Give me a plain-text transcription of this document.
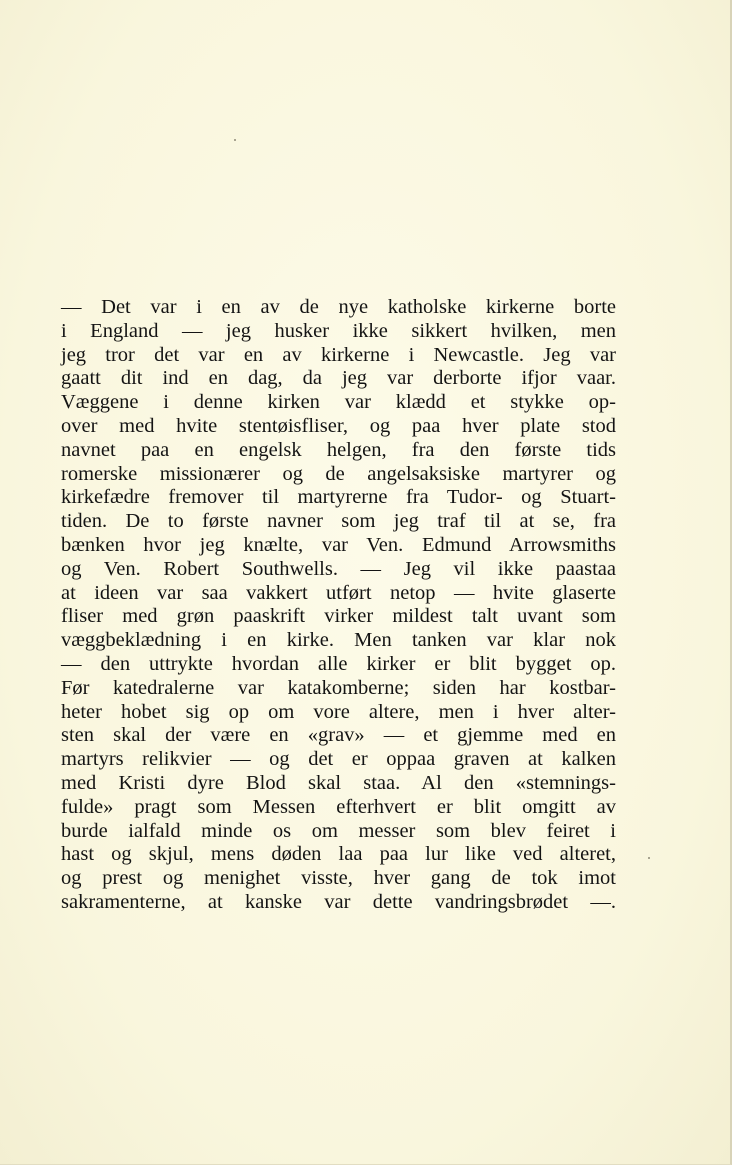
— Det var i en av de nye katholske kirkerne borte
i England — jeg husker ikke sikkert hvilken, men
jeg tror det var en av kirkerne i Newcastle. Jeg var
gaatt dit ind en dag, da jeg var derborte ifjor vaar.
Væggene i denne kirken var klædd et stykke op-
over med hvite stentøisfliser, og paa hver plate stod
navnet paa en engelsk helgen, fra den første tids
romerske missionærer og de angelsaksiske martyrer og
kirkefædre fremover til martyrerne fra Tudor- og Stuart-
tiden. De to første navner som jeg traf til at se, fra
bænken hvor jeg knælte, var Ven. Edmund Arrowsmiths
og Ven. Robert Southwells. — Jeg vil ikke paastaa
at ideen var saa vakkert utført netop — hvite glaserte
fliser med grøn paaskrift virker mildest talt uvant som
væggbeklædning i en kirke. Men tanken var klar nok
— den uttrykte hvordan alle kirker er blit bygget op.
Før katedralerne var katakomberne; siden har kostbar-
heter hobet sig op om vore altere, men i hver alter-
sten skal der være en «grav» — et gjemme med en
martyrs relikvier — og det er oppaa graven at kalken
med Kristi dyre Blod skal staa. Al den «stemnings-
fulde» pragt som Messen efterhvert er blit omgitt av
burde ialfald minde os om messer som blev feiret i
hast og skjul, mens døden laa paa lur like ved alteret,
og prest og menighet visste, hver gang de tok imot
sakramenterne, at kanske var dette vandringsbrødet —.
